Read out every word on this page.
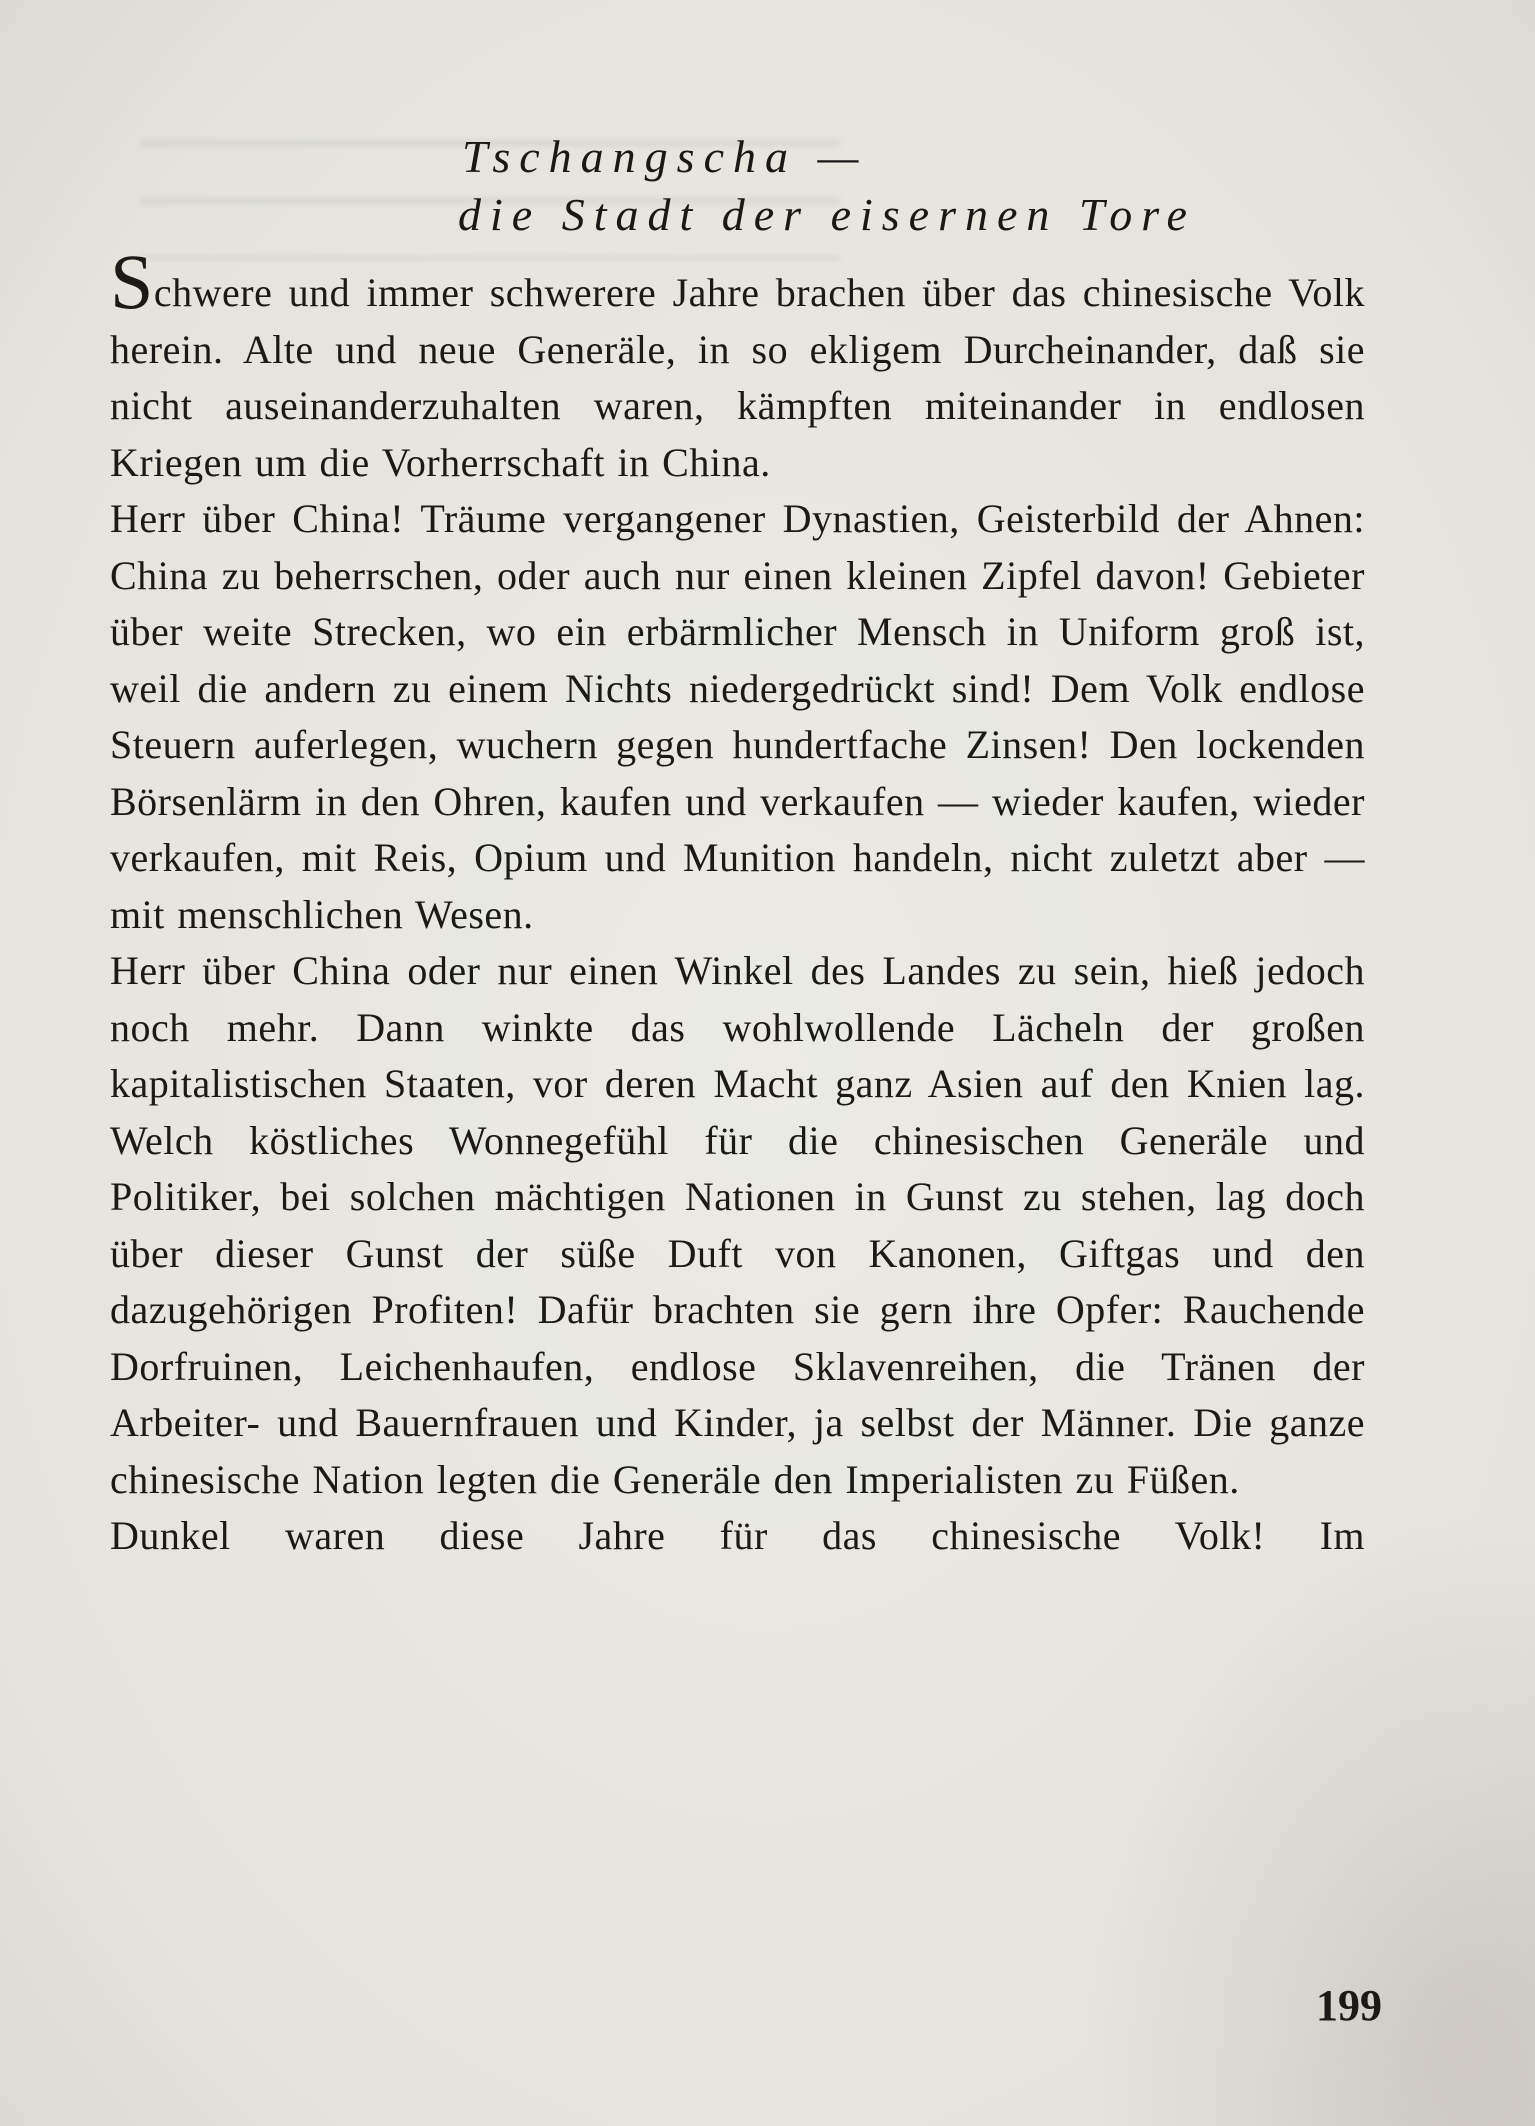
Tschangscha —
die Stadt der eisernen Tore

Schwere und immer schwerere Jahre brachen über das chinesische Volk herein. Alte und neue Generäle, in so ekligem Durcheinander, daß sie nicht auseinanderzuhalten waren, kämpften miteinander in endlosen Kriegen um die Vorherrschaft in China.

Herr über China! Träume vergangener Dynastien, Geisterbild der Ahnen: China zu beherrschen, oder auch nur einen kleinen Zipfel davon! Gebieter über weite Strecken, wo ein erbärmlicher Mensch in Uniform groß ist, weil die andern zu einem Nichts niedergedrückt sind! Dem Volk endlose Steuern auferlegen, wuchern gegen hundertfache Zinsen! Den lockenden Börsenlärm in den Ohren, kaufen und verkaufen — wieder kaufen, wieder verkaufen, mit Reis, Opium und Munition handeln, nicht zuletzt aber — mit menschlichen Wesen.

Herr über China oder nur einen Winkel des Landes zu sein, hieß jedoch noch mehr. Dann winkte das wohlwollende Lächeln der großen kapitalistischen Staaten, vor deren Macht ganz Asien auf den Knien lag. Welch köstliches Wonnegefühl für die chinesischen Generäle und Politiker, bei solchen mächtigen Nationen in Gunst zu stehen, lag doch über dieser Gunst der süße Duft von Kanonen, Giftgas und den dazugehörigen Profiten! Dafür brachten sie gern ihre Opfer: Rauchende Dorfruinen, Leichenhaufen, endlose Sklavenreihen, die Tränen der Arbeiter- und Bauernfrauen und Kinder, ja selbst der Männer. Die ganze chinesische Nation legten die Generäle den Imperialisten zu Füßen.

Dunkel waren diese Jahre für das chinesische Volk! Im

199
